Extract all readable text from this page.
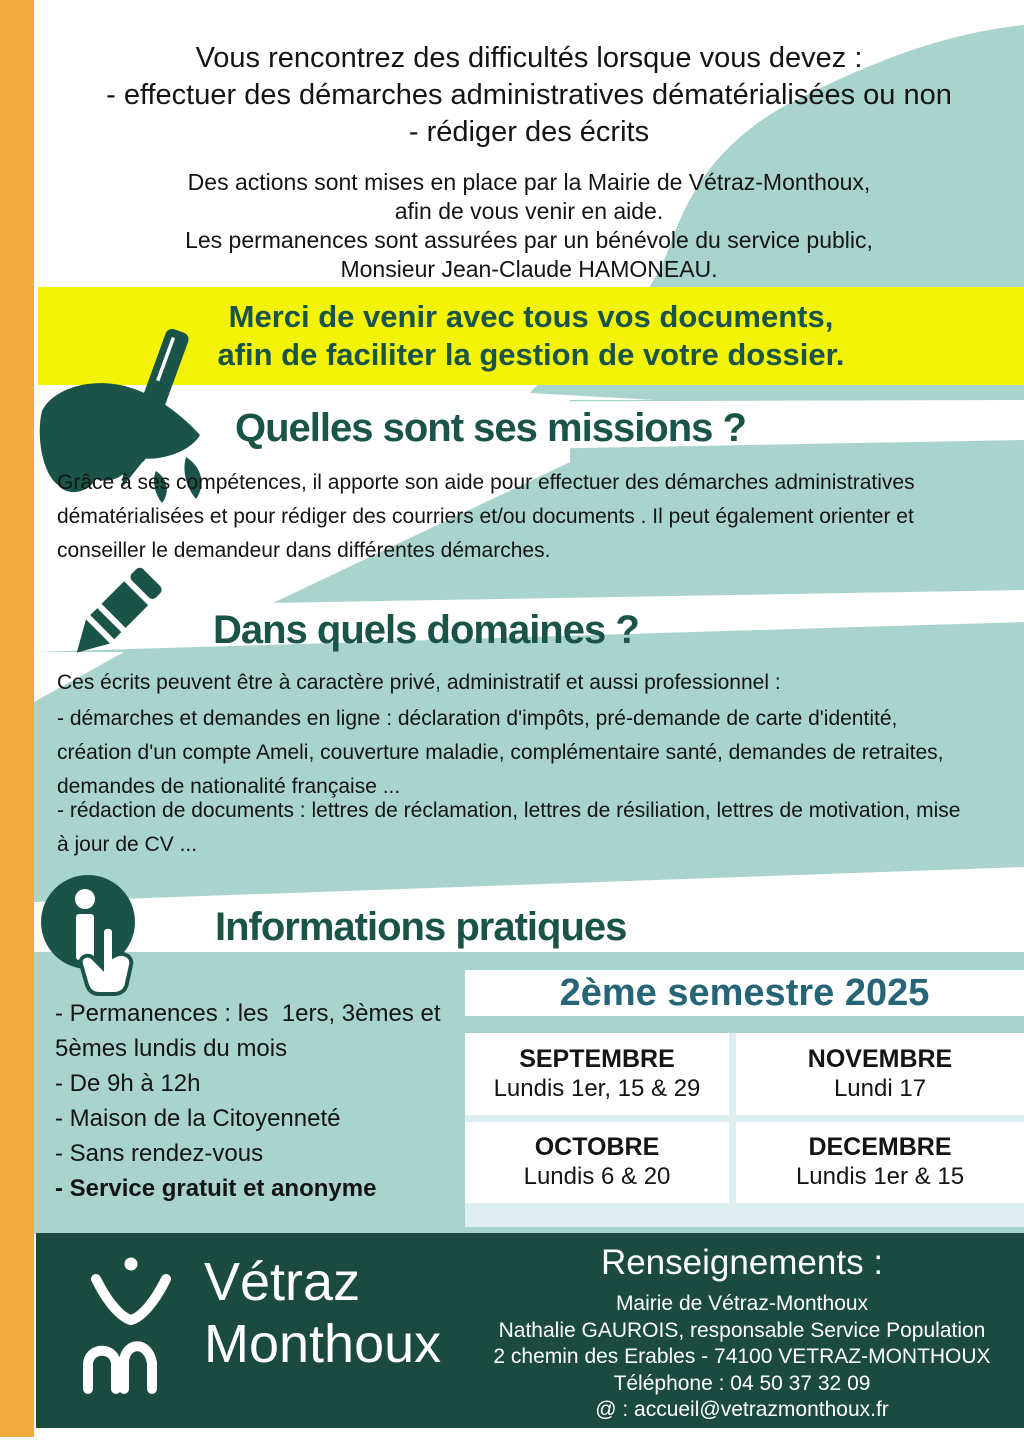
Vous rencontrez des difficultés lorsque vous devez :
- effectuer des démarches administratives dématérialisées ou non
- rédiger des écrits
Des actions sont mises en place par la Mairie de Vétraz-Monthoux,
afin de vous venir en aide.
Les permanences sont assurées par un bénévole du service public,
Monsieur Jean-Claude HAMONEAU.
Merci de venir avec tous vos documents,
afin de faciliter la gestion de votre dossier.
Quelles sont ses missions ?
Grâce à ses compétences, il apporte son aide pour effectuer des démarches administratives dématérialisées et pour rédiger des courriers et/ou documents . Il peut également orienter et conseiller le demandeur dans différentes démarches.
Dans quels domaines ?
Ces écrits peuvent être à caractère privé, administratif et aussi professionnel :
- démarches et demandes en ligne : déclaration d'impôts, pré-demande de carte d'identité, création d'un compte Ameli, couverture maladie, complémentaire santé, demandes de retraites, demandes de nationalité française ...
- rédaction de documents : lettres de réclamation, lettres de résiliation, lettres de motivation, mise à jour de CV ...
Informations pratiques
- Permanences : les  1ers, 3èmes et 5èmes lundis du mois
- De 9h à 12h
- Maison de la Citoyenneté
- Sans rendez-vous
- Service gratuit et anonyme
2ème semestre 2025
SEPTEMBRE
Lundis 1er, 15 & 29
NOVEMBRE
Lundi 17
OCTOBRE
Lundis 6 & 20
DECEMBRE
Lundis 1er & 15
Vétraz
Monthoux
Renseignements :
Mairie de Vétraz-Monthoux
Nathalie GAUROIS, responsable Service Population
2 chemin des Erables - 74100 VETRAZ-MONTHOUX
Téléphone : 04 50 37 32 09
@ : accueil@vetrazmonthoux.fr
